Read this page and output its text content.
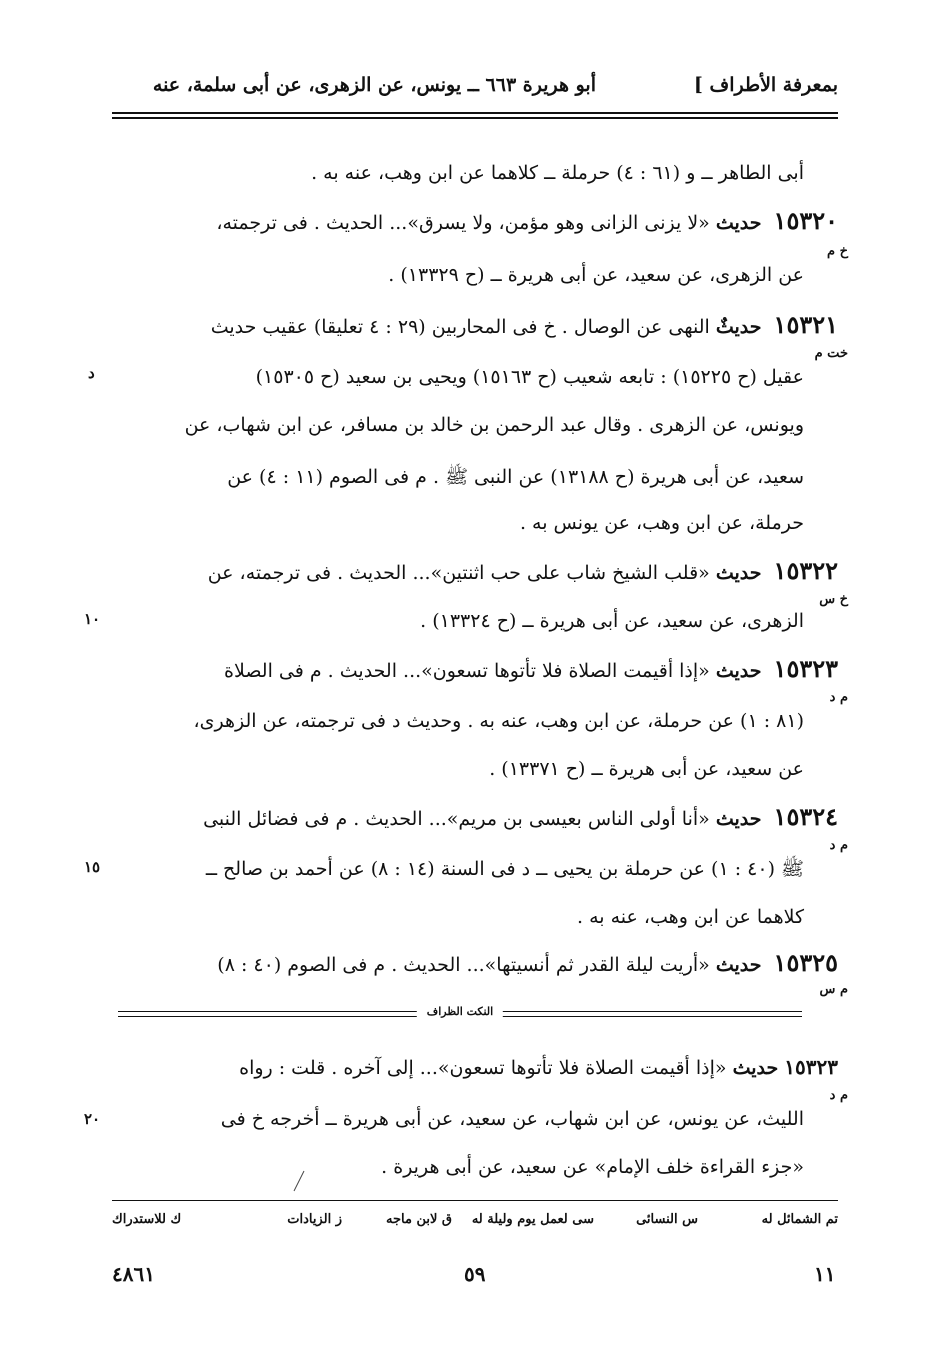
بمعرفة الأطراف ]
أبو هريرة ٦٦٣ ــ يونس، عن الزهرى، عن أبى سلمة، عنه
أبى الطاهر ــ و (٦١ : ٤) حرملة ــ كلاهما عن ابن وهب، عنه به .
١٥٣٢٠ حديث «لا يزنى الزانى وهو مؤمن، ولا يسرق»... الحديث . فى ترجمته،
خ م
عن الزهرى، عن سعيد، عن أبى هريرة ــ (ح ١٣٣٢٩) .
١٥٣٢١ حديثٌ النهى عن الوصال . خ فى المحاربين (٢٩ : ٤ تعليقا) عقيب حديث
خت م
عقيل (ح ١٥٢٢٥) : تابعه شعيب (ح ١٥١٦٣) ويحيى بن سعيد (ح ١٥٣٠٥)
د
ويونس، عن الزهرى . وقال عبد الرحمن بن خالد بن مسافر، عن ابن شهاب، عن
سعيد، عن أبى هريرة (ح ١٣١٨٨) عن النبى ﷺ . م فى الصوم (١١ : ٤) عن
حرملة، عن ابن وهب، عن يونس به .
١٥٣٢٢ حديث «قلب الشيخ شاب على حب اثنتين»... الحديث . فى ترجمته، عن
خ س
الزهرى، عن سعيد، عن أبى هريرة ــ (ح ١٣٣٢٤) .
١٠
١٥٣٢٣ حديث «إذا أقيمت الصلاة فلا تأتوها تسعون»... الحديث . م فى الصلاة
م د
(٨١ : ١) عن حرملة، عن ابن وهب، عنه به . وحديث د فى ترجمته، عن الزهرى،
عن سعيد، عن أبى هريرة ــ (ح ١٣٣٧١) .
١٥٣٢٤ حديث «أنا أولى الناس بعيسى بن مريم»... الحديث . م فى فضائل النبى
م د
ﷺ (٤٠ : ١) عن حرملة بن يحيى ــ د فى السنة (١٤ : ٨) عن أحمد بن صالح ــ
١٥
كلاهما عن ابن وهب، عنه به .
١٥٣٢٥ حديث «أريت ليلة القدر ثم أنسيتها»... الحديث . م فى الصوم (٤٠ : ٨)
م س
النكت الظراف
١٥٣٢٣ حديث «إذا أقيمت الصلاة فلا تأتوها تسعون»... إلى آخره . قلت : رواه
م د
الليث، عن يونس، عن ابن شهاب، عن سعيد، عن أبى هريرة ــ أخرجه خ فى
٢٠
«جزء القراءة خلف الإمام» عن سعيد، عن أبى هريرة .
تم الشمائل له
س النسائى
سى لعمل يوم وليلة له
ق لابن ماجه
ز الزيادات
ك للاستدراك
١١
٥٩
٤٨٦١
